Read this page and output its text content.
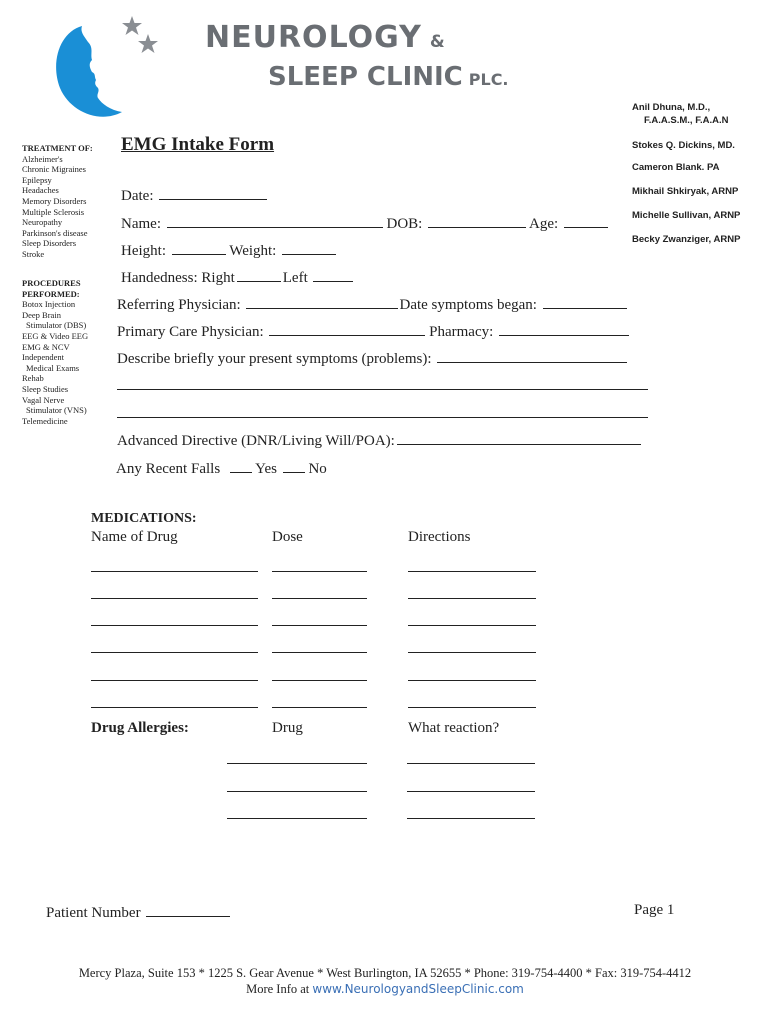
NEUROLOGY &
SLEEP CLINIC PLC.
Anil Dhuna, M.D.,
F.A.A.S.M., F.A.A.N
Stokes Q. Dickins, MD.
Cameron Blank. PA
Mikhail Shkiryak, ARNP
Michelle Sullivan, ARNP
Becky Zwanziger, ARNP
TREATMENT OF:
Alzheimer's
Chronic Migraines
Epilepsy
Headaches
Memory Disorders
Multiple Sclerosis
Neuropathy
Parkinson's disease
Sleep Disorders
Stroke
PROCEDURES
PERFORMED:
Botox Injection
Deep Brain
Stimulator (DBS)
EEG & Video EEG
EMG & NCV
Independent
Medical Exams
Rehab
Sleep Studies
Vagal Nerve
Stimulator (VNS)
Telemedicine
EMG Intake Form
Date:
Name:	DOB:	Age:
Height:	Weight:
Handedness: Right	Left
Referring Physician:	Date symptoms began:
Primary Care Physician:	Pharmacy:
Describe briefly your present symptoms (problems):
Advanced Directive (DNR/Living Will/POA):
Any Recent Falls Yes No
MEDICATIONS:
Name of Drug	Dose	Directions
Drug Allergies:	Drug	What reaction?
Patient Number	Page 1
Mercy Plaza, Suite 153 * 1225 S. Gear Avenue * West Burlington, IA 52655 * Phone: 319-754-4400 * Fax: 319-754-4412
More Info at www.NeurologyandSleepClinic.com
